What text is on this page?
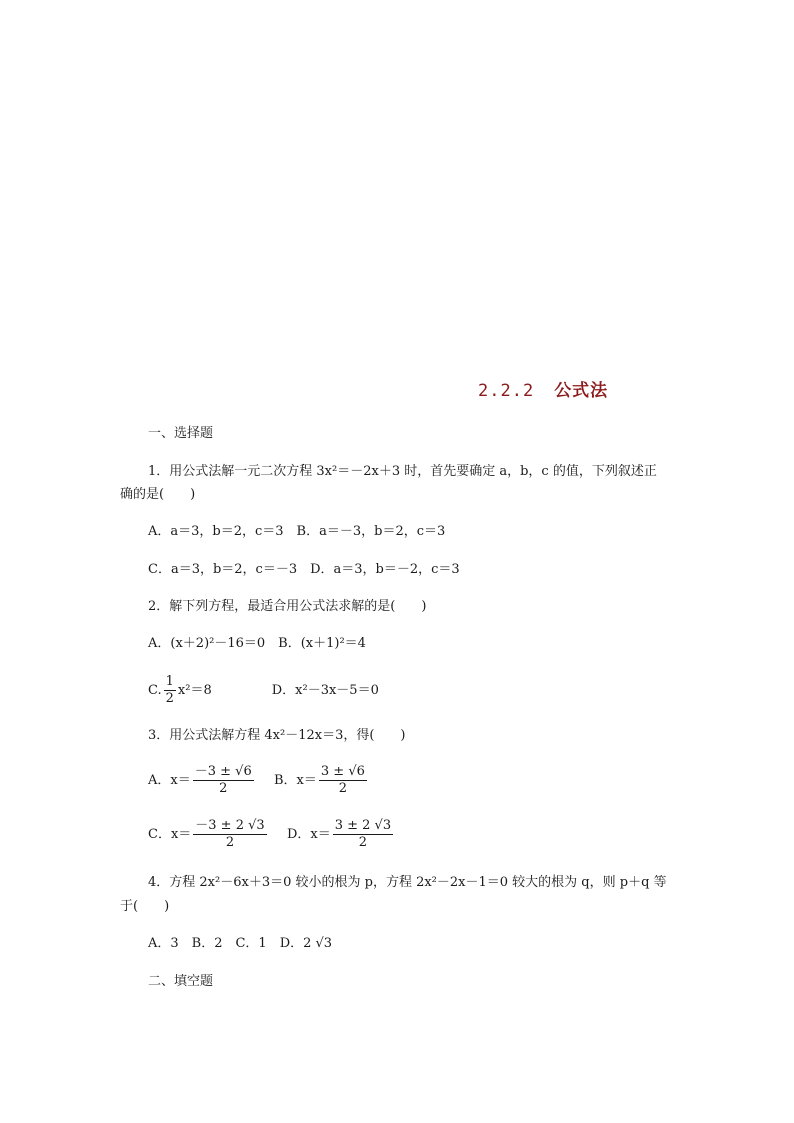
2.2.2 公式法
一、选择题
1．用公式法解一元二次方程 3x²＝－2x＋3 时，首先要确定 a，b，c 的值，下列叙述正
确的是(　　)
A．a＝3，b＝2，c＝3　B．a＝－3，b＝2，c＝3
C．a＝3，b＝2，c＝－3　D．a＝3，b＝－2，c＝3
2．解下列方程，最适合用公式法求解的是(　　)
A．(x＋2)²－16＝0　B．(x＋1)²＝4
C. $\frac{1}{2} x^2=8$	D．x²－3x－5＝0
3．用公式法解方程 4x²－12x＝3，得(　　)
A．$x= \frac{-3 \pm √6}{2}$ B．$x= \frac{3 \pm √6}{2}$
C．$x= \frac{-3 \pm 2 √3}{2}$ D．$x= \frac{3 \pm 2 √3}{2}$
4．方程 2x²－6x＋3＝0 较小的根为 p，方程 2x²－2x－1＝0 较大的根为 q，则 p＋q 等
于(　　)
A．3　B．2　C．1　D．2 √3
二、填空题
